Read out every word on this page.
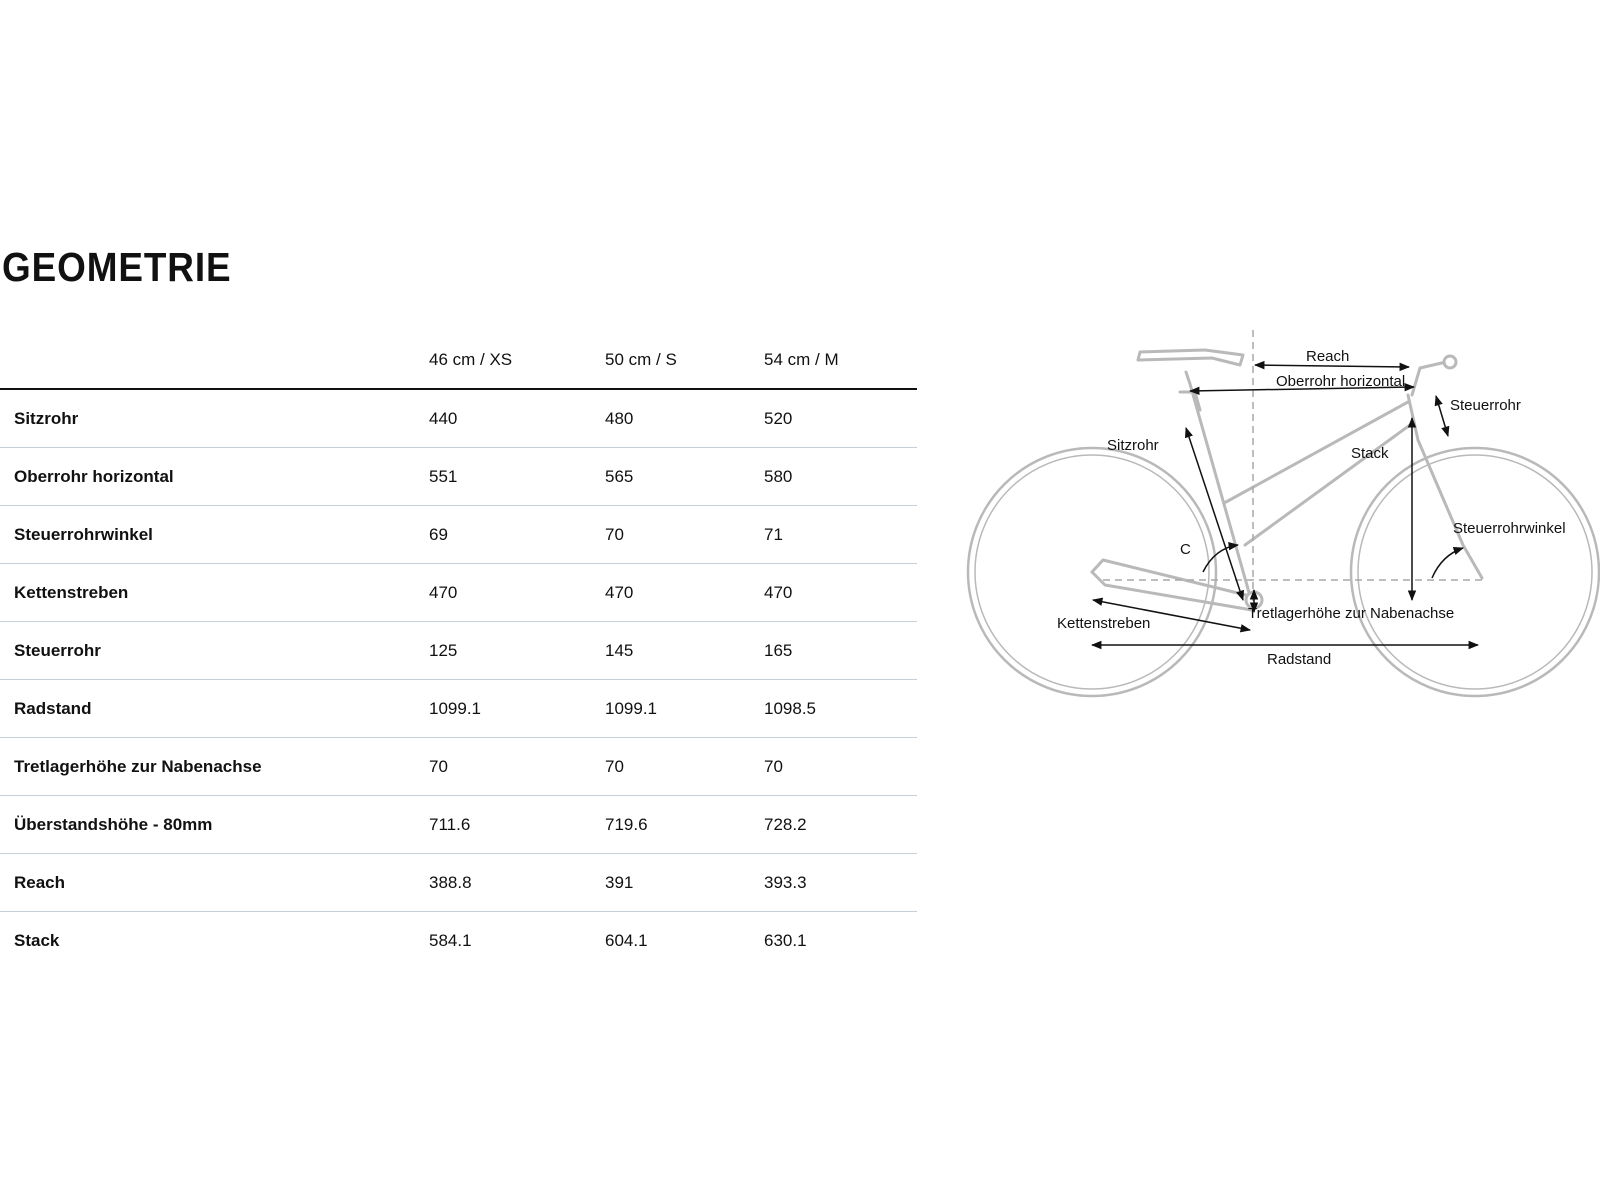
GEOMETRIE
46 cm / XS	50 cm / S	54 cm / M
Sitzrohr	440	480	520
Oberrohr horizontal	551	565	580
Steuerrohrwinkel	69	70	71
Kettenstreben	470	470	470
Steuerrohr	125	145	165
Radstand	1099.1	1099.1	1098.5
Tretlagerhöhe zur Nabenachse	70	70	70
Überstandshöhe - 80mm	711.6	719.6	728.2
Reach	388.8	391	393.3
Stack	584.1	604.1	630.1
Reach
Oberrohr horizontal
Steuerrohr
Sitzrohr	Stack
Steuerrohrwinkel
C
Kettenstreben
Tretlagerhöhe zur Nabenachse
Radstand
